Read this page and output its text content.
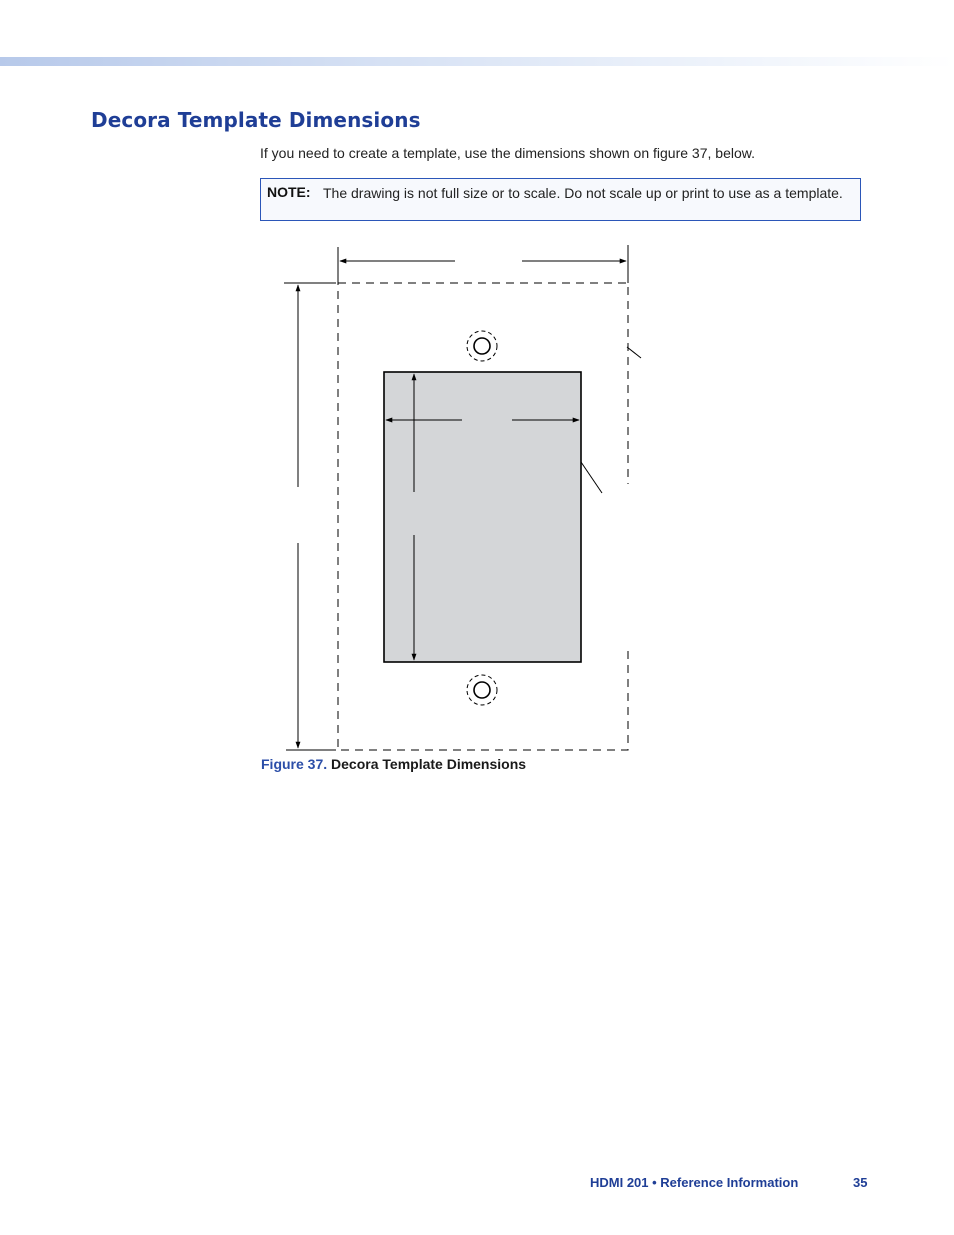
Decora Template Dimensions

If you need to create a template, use the dimensions shown on figure 37, below.

NOTE: The drawing is not full size or to scale. Do not scale up or print to use as a template.
Figure 37. Decora Template Dimensions
HDMI 201 • Reference Information	35
